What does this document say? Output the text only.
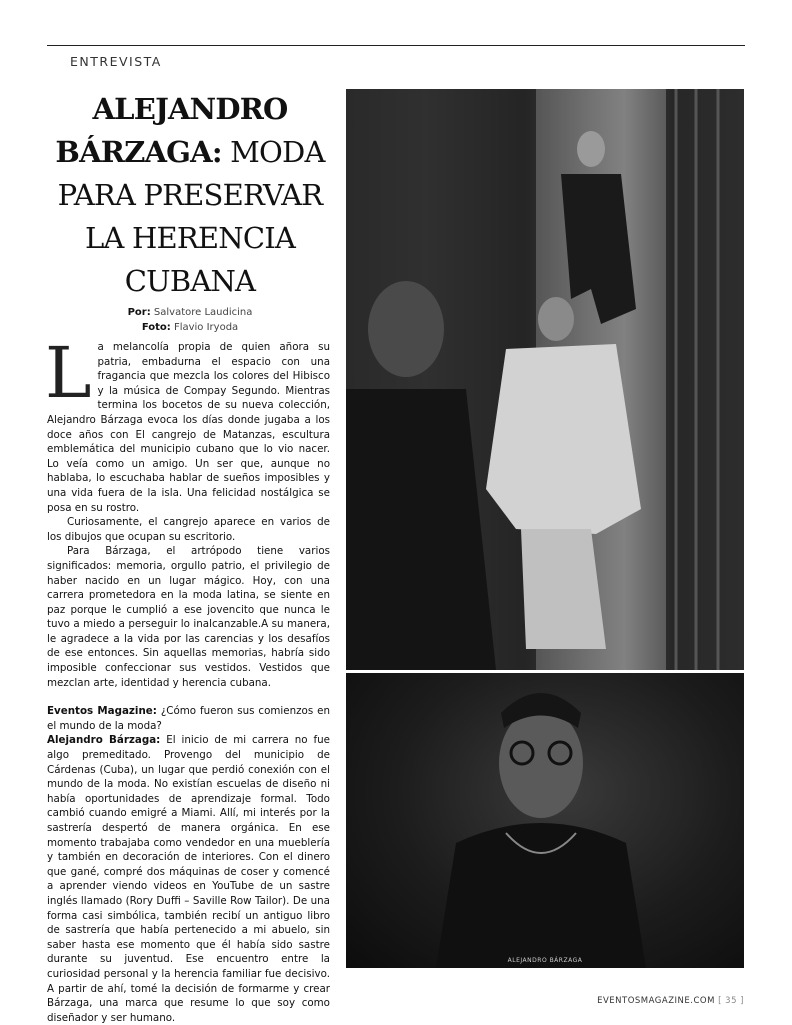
ENTREVISTA
ALEJANDRO
BÁRZAGA: MODA
PARA PRESERVAR
LA HERENCIA
CUBANA
Por: Salvatore Laudicina
Foto: Flavio Iryoda

La melancolía propia de quien añora su patria, embadurna el espacio con una fragancia que mezcla los colores del Hibisco y la música de Compay Segundo. Mientras termina los bocetos de su nueva colección, Alejandro Bárzaga evoca los días donde jugaba a los doce años con El cangrejo de Matanzas, escultura emblemática del municipio cubano que lo vio nacer. Lo veía como un amigo. Un ser que, aunque no hablaba, lo escuchaba hablar de sueños imposibles y una vida fuera de la isla. Una felicidad nostálgica se posa en su rostro.

Curiosamente, el cangrejo aparece en varios de los dibujos que ocupan su escritorio.

Para Bárzaga, el artrópodo tiene varios significados: memoria, orgullo patrio, el privilegio de haber nacido en un lugar mágico. Hoy, con una carrera prometedora en la moda latina, se siente en paz porque le cumplió a ese jovencito que nunca le tuvo a miedo a perseguir lo inalcanzable.A su manera, le agradece a la vida por las carencias y los desafíos de ese entonces. Sin aquellas memorias, habría sido imposible confeccionar sus vestidos. Vestidos que mezclan arte, identidad y herencia cubana.

Eventos Magazine: ¿Cómo fueron sus comienzos en el mundo de la moda?

Alejandro Bárzaga: El inicio de mi carrera no fue algo premeditado. Provengo del municipio de Cárdenas (Cuba), un lugar que perdió conexión con el mundo de la moda. No existían escuelas de diseño ni había oportunidades de aprendizaje formal. Todo cambió cuando emigré a Miami. Allí, mi interés por la sastrería despertó de manera orgánica. En ese momento trabajaba como vendedor en una mueblería y también en decoración de interiores. Con el dinero que gané, compré dos máquinas de coser y comencé a aprender viendo videos en YouTube de un sastre inglés llamado (Rory Duffi – Saville Row Tailor). De una forma casi simbólica, también recibí un antiguo libro de sastrería que había pertenecido a mi abuelo, sin saber hasta ese momento que él había sido sastre durante su juventud. Ese encuentro entre la curiosidad personal y la herencia familiar fue decisivo. A partir de ahí, tomé la decisión de formarme y crear Bárzaga, una marca que resume lo que soy como diseñador y ser humano.

ALEJANDRO BÁRZAGA
EVENTOSMAGAZINE.COM [ 35 ]
